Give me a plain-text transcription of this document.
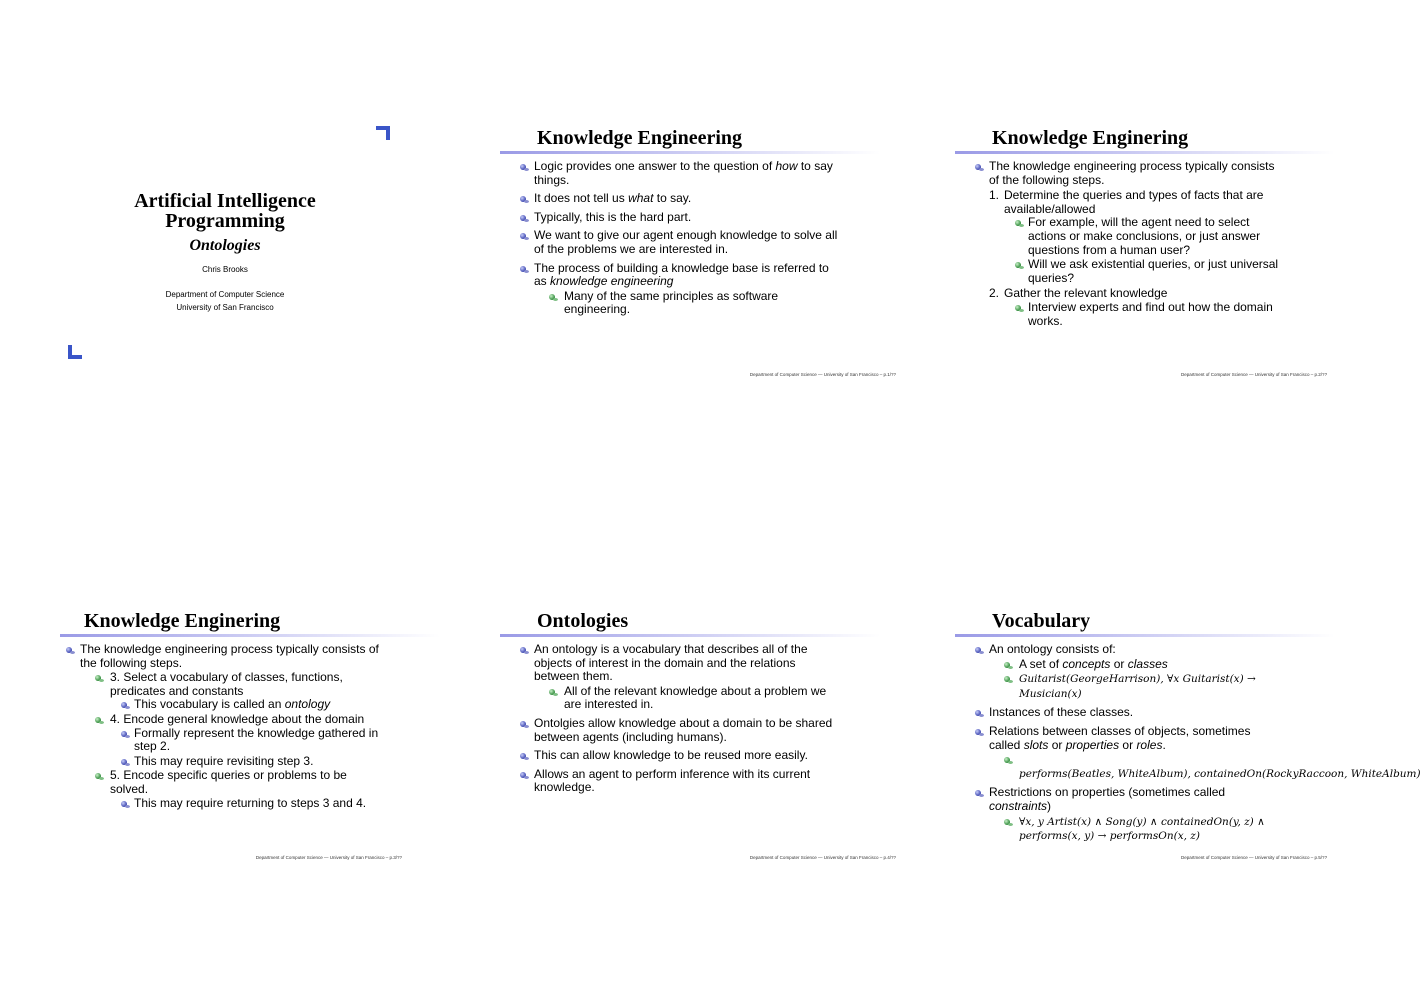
Artificial Intelligence
Programming
Ontologies
Chris Brooks
Department of Computer Science
University of San Francisco
Knowledge Engineering
Logic provides one answer to the question of how to say things.
It does not tell us what to say.
Typically, this is the hard part.
We want to give our agent enough knowledge to solve all of the problems we are interested in.
The process of building a knowledge base is referred to as knowledge engineering
Many of the same principles as software engineering.
Department of Computer Science — University of San Francisco – p.1/??
Knowledge Enginering
The knowledge engineering process typically consists of the following steps.
1. Determine the queries and types of facts that are available/allowed
For example, will the agent need to select actions or make conclusions, or just answer questions from a human user?
Will we ask existential queries, or just universal queries?
2. Gather the relevant knowledge
Interview experts and find out how the domain works.
Department of Computer Science — University of San Francisco – p.2/??
Knowledge Enginering
The knowledge engineering process typically consists of the following steps.
3. Select a vocabulary of classes, functions, predicates and constants
This vocabulary is called an ontology
4. Encode general knowledge about the domain
Formally represent the knowledge gathered in step 2.
This may require revisiting step 3.
5. Encode specific queries or problems to be solved.
This may require returning to steps 3 and 4.
Department of Computer Science — University of San Francisco – p.3/??
Ontologies
An ontology is a vocabulary that describes all of the objects of interest in the domain and the relations between them.
All of the relevant knowledge about a problem we are interested in.
Ontolgies allow knowledge about a domain to be shared between agents (including humans).
This can allow knowledge to be reused more easily.
Allows an agent to perform inference with its current knowledge.
Department of Computer Science — University of San Francisco – p.4/??
Vocabulary
An ontology consists of:
A set of concepts or classes
Guitarist(GeorgeHarrison), ∀x Guitarist(x) →
Musician(x)
Instances of these classes.
Relations between classes of objects, sometimes called slots or properties or roles.

performs(Beatles, WhiteAlbum), containedOn(RockyRaccoon, WhiteAlbum)
Restrictions on properties (sometimes called constraints)
∀x, y Artist(x) ∧ Song(y) ∧ containedOn(y, z) ∧
performs(x, y) → performsOn(x, z)
Department of Computer Science — University of San Francisco – p.5/??
